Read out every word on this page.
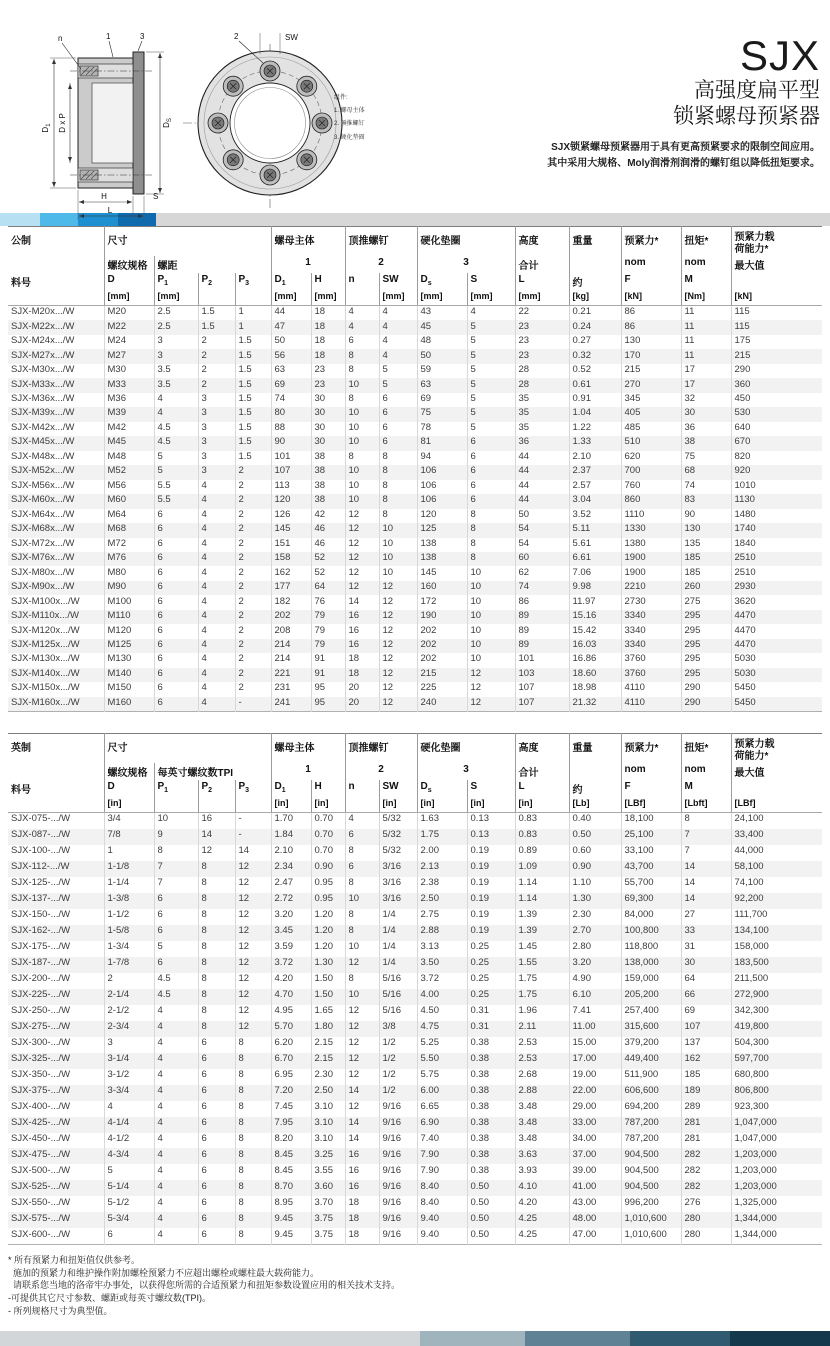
n	1	3
$D_1$ D x P	$D_S$
H	S
L
2	SW
组件:
1. 螺母主体
2. 顶推螺钉
3. 硬化垫圈
SJX
高强度扁平型
锁紧螺母预紧器
SJX锁紧螺母预紧器用于具有更高预紧要求的限制空间应用。
其中采用大规格、Moly润滑剂润滑的螺钉组以降低扭矩要求。
公制	尺寸				螺母主体		顶推螺钉		硬化垫圈		高度	重量	预紧力*	扭矩*	预紧力载荷能力*
	螺纹规格	螺距			1		2		3		合计		nom	nom	最大值
料号	D	$P_1$	$P_2$	$P_3$	$D_1$	H	n	SW	$D_s$	S	L	约	F	M	
	[mm]	[mm]			[mm]	[mm]		[mm]	[mm]	[mm]	[mm]	[kg]	[kN]	[Nm]	[kN]
SJX-M20x.../W	M20	2.5	1.5	1	44	18	4	4	43	4	22	0.21	86	11	115
SJX-M22x.../W	M22	2.5	1.5	1	47	18	4	4	45	5	23	0.24	86	11	115
SJX-M24x.../W	M24	3	2	1.5	50	18	6	4	48	5	23	0.27	130	11	175
SJX-M27x.../W	M27	3	2	1.5	56	18	8	4	50	5	23	0.32	170	11	215
SJX-M30x.../W	M30	3.5	2	1.5	63	23	8	5	59	5	28	0.52	215	17	290
SJX-M33x.../W	M33	3.5	2	1.5	69	23	10	5	63	5	28	0.61	270	17	360
SJX-M36x.../W	M36	4	3	1.5	74	30	8	6	69	5	35	0.91	345	32	450
SJX-M39x.../W	M39	4	3	1.5	80	30	10	6	75	5	35	1.04	405	30	530
SJX-M42x.../W	M42	4.5	3	1.5	88	30	10	6	78	5	35	1.22	485	36	640
SJX-M45x.../W	M45	4.5	3	1.5	90	30	10	6	81	6	36	1.33	510	38	670
SJX-M48x.../W	M48	5	3	1.5	101	38	8	8	94	6	44	2.10	620	75	820
SJX-M52x.../W	M52	5	3	2	107	38	10	8	106	6	44	2.37	700	68	920
SJX-M56x.../W	M56	5.5	4	2	113	38	10	8	106	6	44	2.57	760	74	1010
SJX-M60x.../W	M60	5.5	4	2	120	38	10	8	106	6	44	3.04	860	83	1130
SJX-M64x.../W	M64	6	4	2	126	42	12	8	120	8	50	3.52	1110	90	1480
SJX-M68x.../W	M68	6	4	2	145	46	12	10	125	8	54	5.11	1330	130	1740
SJX-M72x.../W	M72	6	4	2	151	46	12	10	138	8	54	5.61	1380	135	1840
SJX-M76x.../W	M76	6	4	2	158	52	12	10	138	8	60	6.61	1900	185	2510
SJX-M80x.../W	M80	6	4	2	162	52	12	10	145	10	62	7.06	1900	185	2510
SJX-M90x.../W	M90	6	4	2	177	64	12	12	160	10	74	9.98	2210	260	2930
SJX-M100x.../W	M100	6	4	2	182	76	14	12	172	10	86	11.97	2730	275	3620
SJX-M110x.../W	M110	6	4	2	202	79	16	12	190	10	89	15.16	3340	295	4470
SJX-M120x.../W	M120	6	4	2	208	79	16	12	202	10	89	15.42	3340	295	4470
SJX-M125x.../W	M125	6	4	2	214	79	16	12	202	10	89	16.03	3340	295	4470
SJX-M130x.../W	M130	6	4	2	214	91	18	12	202	10	101	16.86	3760	295	5030
SJX-M140x.../W	M140	6	4	2	221	91	18	12	215	12	103	18.60	3760	295	5030
SJX-M150x.../W	M150	6	4	2	231	95	20	12	225	12	107	18.98	4110	290	5450
SJX-M160x.../W	M160	6	4	-	241	95	20	12	240	12	107	21.32	4110	290	5450
英制	尺寸				螺母主体		顶推螺钉		硬化垫圈		高度	重量	预紧力*	扭矩*	预紧力载荷能力*
	螺纹规格	每英寸螺纹数TPI			1		2		3		合计		nom	nom	最大值
料号	D	$P_1$	$P_2$	$P_3$	$D_1$	H	n	SW	$D_s$	S	L	约	F	M	
	[in]				[in]	[in]		[in]	[in]	[in]	[in]	[Lb]	[LBf]	[Lbft]	[LBf]
SJX-075-.../W	3/4	10	16	-	1.70	0.70	4	5/32	1.63	0.13	0.83	0.40	18,100	8	24,100
SJX-087-.../W	7/8	9	14	-	1.84	0.70	6	5/32	1.75	0.13	0.83	0.50	25,100	7	33,400
SJX-100-.../W	1	8	12	14	2.10	0.70	8	5/32	2.00	0.19	0.89	0.60	33,100	7	44,000
SJX-112-.../W	1-1/8	7	8	12	2.34	0.90	6	3/16	2.13	0.19	1.09	0.90	43,700	14	58,100
SJX-125-.../W	1-1/4	7	8	12	2.47	0.95	8	3/16	2.38	0.19	1.14	1.10	55,700	14	74,100
SJX-137-.../W	1-3/8	6	8	12	2.72	0.95	10	3/16	2.50	0.19	1.14	1.30	69,300	14	92,200
SJX-150-.../W	1-1/2	6	8	12	3.20	1.20	8	1/4	2.75	0.19	1.39	2.30	84,000	27	111,700
SJX-162-.../W	1-5/8	6	8	12	3.45	1.20	8	1/4	2.88	0.19	1.39	2.70	100,800	33	134,100
SJX-175-.../W	1-3/4	5	8	12	3.59	1.20	10	1/4	3.13	0.25	1.45	2.80	118,800	31	158,000
SJX-187-.../W	1-7/8	6	8	12	3.72	1.30	12	1/4	3.50	0.25	1.55	3.20	138,000	30	183,500
SJX-200-.../W	2	4.5	8	12	4.20	1.50	8	5/16	3.72	0.25	1.75	4.90	159,000	64	211,500
SJX-225-.../W	2-1/4	4.5	8	12	4.70	1.50	10	5/16	4.00	0.25	1.75	6.10	205,200	66	272,900
SJX-250-.../W	2-1/2	4	8	12	4.95	1.65	12	5/16	4.50	0.31	1.96	7.41	257,400	69	342,300
SJX-275-.../W	2-3/4	4	8	12	5.70	1.80	12	3/8	4.75	0.31	2.11	11.00	315,600	107	419,800
SJX-300-.../W	3	4	6	8	6.20	2.15	12	1/2	5.25	0.38	2.53	15.00	379,200	137	504,300
SJX-325-.../W	3-1/4	4	6	8	6.70	2.15	12	1/2	5.50	0.38	2.53	17.00	449,400	162	597,700
SJX-350-.../W	3-1/2	4	6	8	6.95	2.30	12	1/2	5.75	0.38	2.68	19.00	511,900	185	680,800
SJX-375-.../W	3-3/4	4	6	8	7.20	2.50	14	1/2	6.00	0.38	2.88	22.00	606,600	189	806,800
SJX-400-.../W	4	4	6	8	7.45	3.10	12	9/16	6.65	0.38	3.48	29.00	694,200	289	923,300
SJX-425-.../W	4-1/4	4	6	8	7.95	3.10	14	9/16	6.90	0.38	3.48	33.00	787,200	281	1,047,000
SJX-450-.../W	4-1/2	4	6	8	8.20	3.10	14	9/16	7.40	0.38	3.48	34.00	787,200	281	1,047,000
SJX-475-.../W	4-3/4	4	6	8	8.45	3.25	16	9/16	7.90	0.38	3.63	37.00	904,500	282	1,203,000
SJX-500-.../W	5	4	6	8	8.45	3.55	16	9/16	7.90	0.38	3.93	39.00	904,500	282	1,203,000
SJX-525-.../W	5-1/4	4	6	8	8.70	3.60	16	9/16	8.40	0.50	4.10	41.00	904,500	282	1,203,000
SJX-550-.../W	5-1/2	4	6	8	8.95	3.70	18	9/16	8.40	0.50	4.20	43.00	996,200	276	1,325,000
SJX-575-.../W	5-3/4	4	6	8	9.45	3.75	18	9/16	9.40	0.50	4.25	48.00	1,010,600	280	1,344,000
SJX-600-.../W	6	4	6	8	9.45	3.75	18	9/16	9.40	0.50	4.25	47.00	1,010,600	280	1,344,000
* 所有预紧力和扭矩值仅供参考。
施加的预紧力和维护操作附加螺栓预紧力不应超出螺栓或螺柱最大载荷能力。
请联系您当地的洛帝牢办事处，以获得您所需的合适预紧力和扭矩参数设置应用的相关技术支持。
-可提供其它尺寸参数、螺距或每英寸螺纹数(TPI)。
- 所列规格尺寸为典型值。
